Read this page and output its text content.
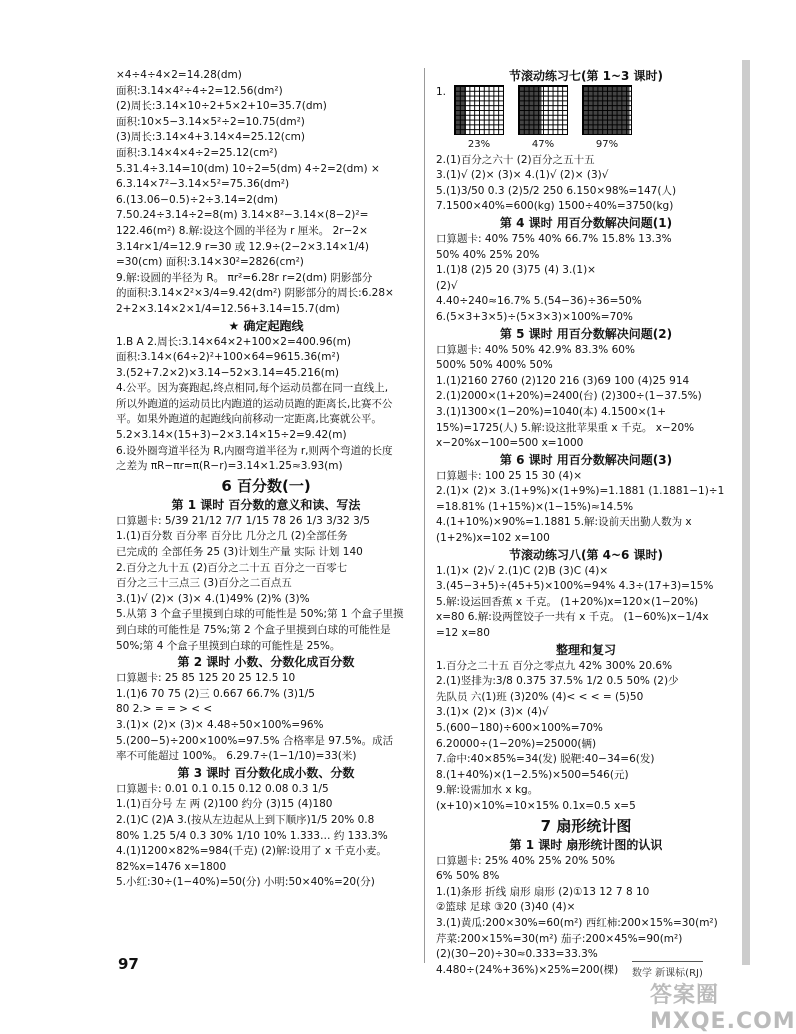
×4÷4÷4×2=14.28(dm)
面积:3.14×4²÷4÷2=12.56(dm²)
(2)周长:3.14×10÷2+5×2+10=35.7(dm)
面积:10×5−3.14×5²÷2=10.75(dm²)
(3)周长:3.14×4+3.14×4=25.12(cm)
面积:3.14×4×4÷2=25.12(cm²)
5.31.4÷3.14=10(dm) 10÷2=5(dm) 4÷2=2(dm) ×
6.3.14×7²−3.14×5²=75.36(dm²)
6.(13.06−0.5)÷2÷3.14=2(dm)
7.50.24÷3.14÷2=8(m) 3.14×8²−3.14×(8−2)²=
122.46(m²) 8.解:设这个圆的半径为 r 厘米。 2r−2×
3.14r×1/4=12.9 r=30 或 12.9÷(2−2×3.14×1/4)
=30(cm) 面积:3.14×30²=2826(cm²)
9.解:设圆的半径为 R。 πr²=6.28r r=2(dm) 阴影部分
的面积:3.14×2²×3/4=9.42(dm²) 阴影部分的周长:6.28×
2+2×3.14×2×1/4=12.56+3.14=15.7(dm)
★ 确定起跑线
1.B A 2.周长:3.14×64×2+100×2=400.96(m)
面积:3.14×(64÷2)²+100×64=9615.36(m²)
3.(52+7.2×2)×3.14−52×3.14=45.216(m)
4.公平。因为赛跑起,终点相同,每个运动员都在同一直线上,
所以外跑道的运动员比内跑道的运动员跑的距离长,比赛不公
平。如果外跑道的起跑线向前移动一定距离,比赛就公平。
5.2×3.14×(15+3)−2×3.14×15÷2=9.42(m)
6.设外圈弯道半径为 R,内圈弯道半径为 r,则两个弯道的长度
之差为 πR−πr=π(R−r)=3.14×1.25≈3.93(m)
6 百分数(一)
第 1 课时 百分数的意义和读、写法
口算题卡: 5/39 21/12 7/7 1/15 78 26 1/3 3/32 3/5
1.(1)百分数 百分率 百分比 几分之几 (2)全部任务
已完成的 全部任务 25 (3)计划生产量 实际 计划 140
2.百分之九十五 (2)百分之二十五 百分之一百零七
百分之三十三点三 (3)百分之二百点五
3.(1)√ (2)× (3)× 4.(1)49% (2)% (3)%
5.从第 3 个盒子里摸到白球的可能性是 50%;第 1 个盒子里摸
到白球的可能性是 75%;第 2 个盒子里摸到白球的可能性是
50%;第 4 个盒子里摸到白球的可能性是 25%。
第 2 课时 小数、分数化成百分数
口算题卡: 25 85 125 20 25 12.5 10
1.(1)6 70 75 (2)三 0.667 66.7% (3)1/5
80 2.> = = > < <
3.(1)× (2)× (3)× 4.48÷50×100%=96%
5.(200−5)÷200×100%=97.5% 合格率是 97.5%。成活
率不可能超过 100%。 6.29.7÷(1−1/10)=33(米)
第 3 课时 百分数化成小数、分数
口算题卡: 0.01 0.1 0.15 0.12 0.08 0.3 1/5
1.(1)百分号 左 两 (2)100 约分 (3)15 (4)180
2.(1)C (2)A 3.(按从左边起从上到下顺序)1/5 20% 0.8
80% 1.25 5/4 0.3 30% 1/10 10% 1.333… 约 133.3%
4.(1)1200×82%=984(千克) (2)解:设用了 x 千克小麦。
82%x=1476 x=1800
5.小红:30÷(1−40%)=50(分) 小明:50×40%=20(分)
节滚动练习七(第 1~3 课时)
1.
23%	47%	97%
2.(1)百分之六十 (2)百分之五十五
3.(1)√ (2)× (3)× 4.(1)√ (2)× (3)√
5.(1)3/50 0.3 (2)5/2 250 6.150×98%=147(人)
7.1500×40%=600(kg) 1500÷40%=3750(kg)
第 4 课时 用百分数解决问题(1)
口算题卡: 40% 75% 40% 66.7% 15.8% 13.3%
50% 40% 25% 20%
1.(1)8 (2)5 20 (3)75 (4) 3.(1)×
(2)√
4.40÷240≈16.7% 5.(54−36)÷36=50%
6.(5×3+3×5)÷(5×3×3)×100%=70%
第 5 课时 用百分数解决问题(2)
口算题卡: 40% 50% 42.9% 83.3% 60%
500% 50% 400% 50%
1.(1)2160 2760 (2)120 216 (3)69 100 (4)25 914
2.(1)2000×(1+20%)=2400(台) (2)300÷(1−37.5%)
3.(1)1300×(1−20%)=1040(本) 4.1500×(1+
15%)=1725(人) 5.解:设这批苹果重 x 千克。 x−20%
x−20%x−100=500 x=1000
第 6 课时 用百分数解决问题(3)
口算题卡: 100 25 15 30 (4)×
2.(1)× (2)× 3.(1+9%)×(1+9%)=1.1881 (1.1881−1)÷1
=18.81% (1+15%)×(1−15%)≈14.5%
4.(1+10%)×90%=1.1881 5.解:设前天出勤人数为 x
(1+2%)x=102 x=100
节滚动练习八(第 4~6 课时)
1.(1)× (2)√ 2.(1)C (2)B (3)C (4)×
3.(45−3+5)÷(45+5)×100%=94% 4.3÷(17+3)=15%
5.解:设运回香蕉 x 千克。 (1+20%)x=120×(1−20%)
x=80 6.解:设两筐饺子一共有 x 千克。 (1−60%)x−1/4x
=12 x=80
整理和复习
1.百分之二十五 百分之零点九 42% 300% 20.6%
2.(1)竖排为:3/8 0.375 37.5% 1/2 0.5 50% (2)少
先队员 六(1)班 (3)20% (4)< < < = (5)50
3.(1)× (2)× (3)× (4)√
5.(600−180)÷600×100%=70%
6.20000÷(1−20%)=25000(辆)
7.命中:40×85%=34(发) 脱靶:40−34=6(发)
8.(1+40%)×(1−2.5%)×500=546(元)
9.解:设需加水 x kg。
(x+10)×10%=10×15% 0.1x=0.5 x=5
7 扇形统计图
第 1 课时 扇形统计图的认识
口算题卡: 25% 40% 25% 20% 50%
6% 50% 8%
1.(1)条形 折线 扇形 扇形 (2)①13 12 7 8 10
②篮球 足球 ③20 (3)40 (4)×
3.(1)黄瓜:200×30%=60(m²) 西红柿:200×15%=30(m²)
芹菜:200×15%=30(m²) 茄子:200×45%=90(m²)
(2)(30−20)÷30≈0.333=33.3%
4.480÷(24%+36%)×25%=200(棵)
97
数学 新课标(RJ)
答案圈 MXQE.COM
